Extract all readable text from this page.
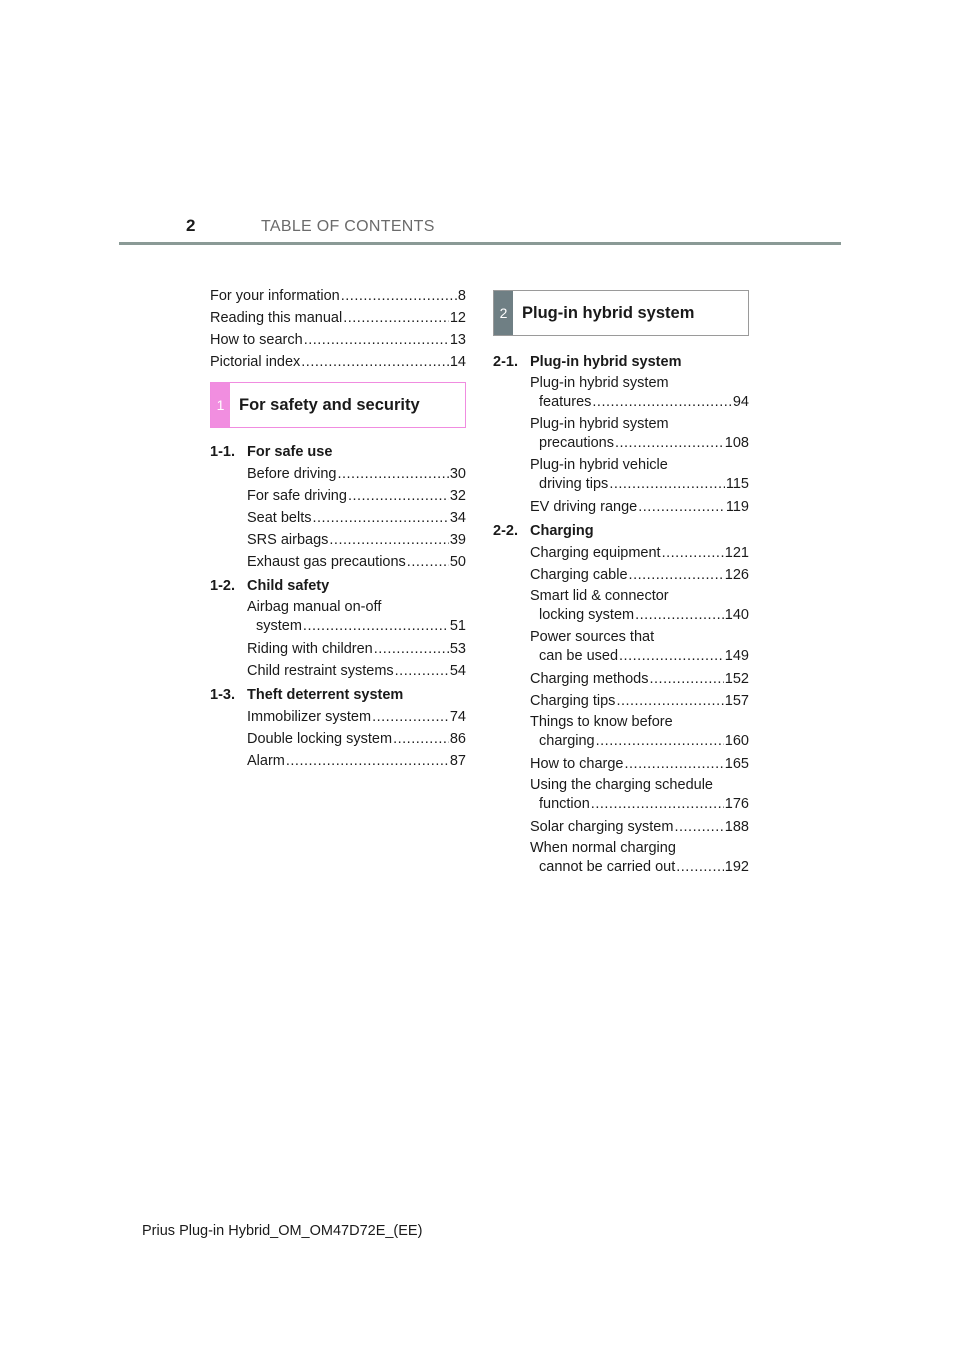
2	TABLE OF CONTENTS
For your information .....	8
Reading this manual .....	12
How to search .....	13
Pictorial index .....	14
1 For safety and security
1-1. For safe use
Before driving .....	30
For safe driving .....	32
Seat belts .....	34
SRS airbags .....	39
Exhaust gas precautions .....	50
1-2. Child safety
Airbag manual on-off
system .....	51
Riding with children .....	53
Child restraint systems .....	54
1-3. Theft deterrent system
Immobilizer system .....	74
Double locking system .....	86
Alarm .....	87
2 Plug-in hybrid system
2-1. Plug-in hybrid system
Plug-in hybrid system
features .....	94
Plug-in hybrid system
precautions .....	108
Plug-in hybrid vehicle
driving tips .....	115
EV driving range .....	119
2-2. Charging
Charging equipment .....	121
Charging cable .....	126
Smart lid & connector
locking system .....	140
Power sources that
can be used .....	149
Charging methods .....	152
Charging tips .....	157
Things to know before
charging .....	160
How to charge .....	165
Using the charging schedule
function .....	176
Solar charging system .....	188
When normal charging
cannot be carried out .....	192
Prius Plug-in Hybrid_OM_OM47D72E_(EE)
